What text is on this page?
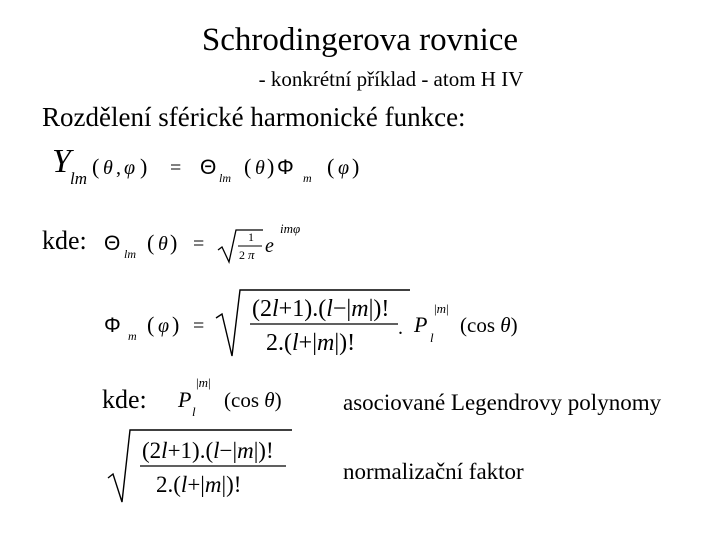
Schrodingerova rovnice
- konkrétní příklad - atom H IV
Rozdělení sférické harmonické funkce:
kde:
kde:	asociované Legendrovy polynomy
normalizační faktor
Y lm ( θ , φ ) = Θ lm ( θ ) Φ m ( φ )
Θ lm ( θ ) =	1
2 π e
imφ
Φ m ( φ ) =
(2l+1).(l−|m|)!
2.(l+|m|)!
. P
|m|
l
(cos θ)
P
|m|
l (cos θ)
(2l+1).(l−|m|)!
2.(l+|m|)!
